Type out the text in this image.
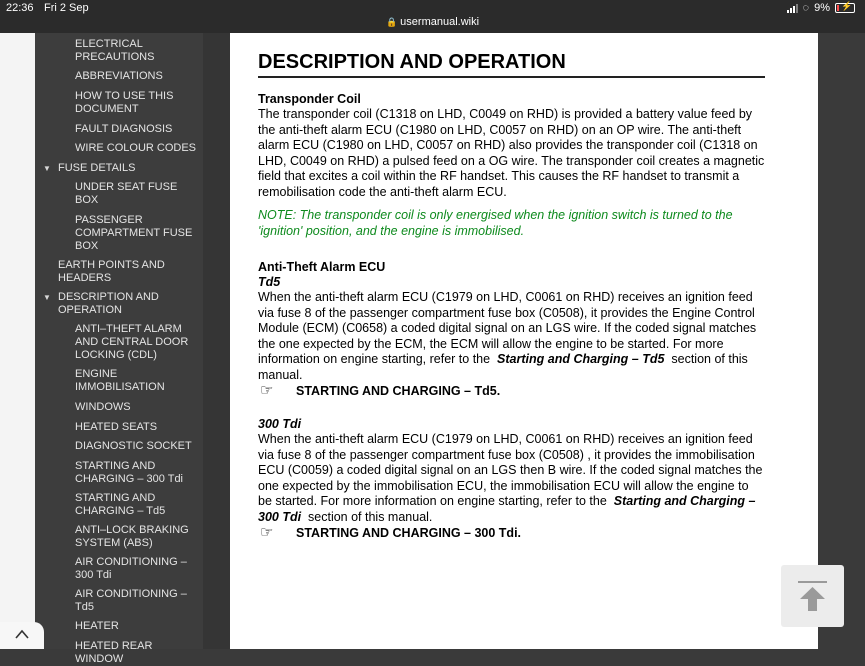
22:36 Fri 2 Sep
🔒 usermanual.wiki
◌ 9% ⚡
ELECTRICAL PRECAUTIONS
ABBREVIATIONS
HOW TO USE THIS DOCUMENT
FAULT DIAGNOSIS
WIRE COLOUR CODES
▼ FUSE DETAILS
UNDER SEAT FUSE BOX
PASSENGER COMPARTMENT FUSE BOX
EARTH POINTS AND HEADERS
▼ DESCRIPTION AND OPERATION
ANTI–THEFT ALARM AND CENTRAL DOOR LOCKING (CDL)
ENGINE IMMOBILISATION
WINDOWS
HEATED SEATS
DIAGNOSTIC SOCKET
STARTING AND CHARGING – 300 Tdi
STARTING AND CHARGING – Td5
ANTI–LOCK BRAKING SYSTEM (ABS)
AIR CONDITIONING – 300 Tdi
AIR CONDITIONING – Td5
HEATER
HEATED REAR WINDOW
DESCRIPTION AND OPERATION
Transponder Coil
The transponder coil (C1318 on LHD, C0049 on RHD) is provided a battery value feed by the anti-theft alarm ECU (C1980 on LHD, C0057 on RHD) on an OP wire. The anti-theft alarm ECU (C1980 on LHD, C0057 on RHD) also provides the transponder coil (C1318 on LHD, C0049 on RHD) a pulsed feed on a OG wire. The transponder coil creates a magnetic field that excites a coil within the RF handset. This causes the RF handset to transmit a remobilisation code the anti-theft alarm ECU.
NOTE: The transponder coil is only energised when the ignition switch is turned to the 'ignition' position, and the engine is immobilised.
Anti-Theft Alarm ECU
Td5
When the anti-theft alarm ECU (C1979 on LHD, C0061 on RHD) receives an ignition feed via fuse 8 of the passenger compartment fuse box (C0508), it provides the Engine Control Module (ECM) (C0658) a coded digital signal on an LGS wire. If the coded signal matches the one expected by the ECM, the ECM will allow the engine to be started. For more information on engine starting, refer to the Starting and Charging – Td5 section of this manual.
☞	STARTING AND CHARGING – Td5.
300 Tdi
When the anti-theft alarm ECU (C1979 on LHD, C0061 on RHD) receives an ignition feed via fuse 8 of the passenger compartment fuse box (C0508) , it provides the immobilisation ECU (C0059) a coded digital signal on an LGS then B wire. If the coded signal matches the one expected by the immobilisation ECU, the immobilisation ECU will allow the engine to be started. For more information on engine starting, refer to the Starting and Charging – 300 Tdi section of this manual.
☞	STARTING AND CHARGING – 300 Tdi.
